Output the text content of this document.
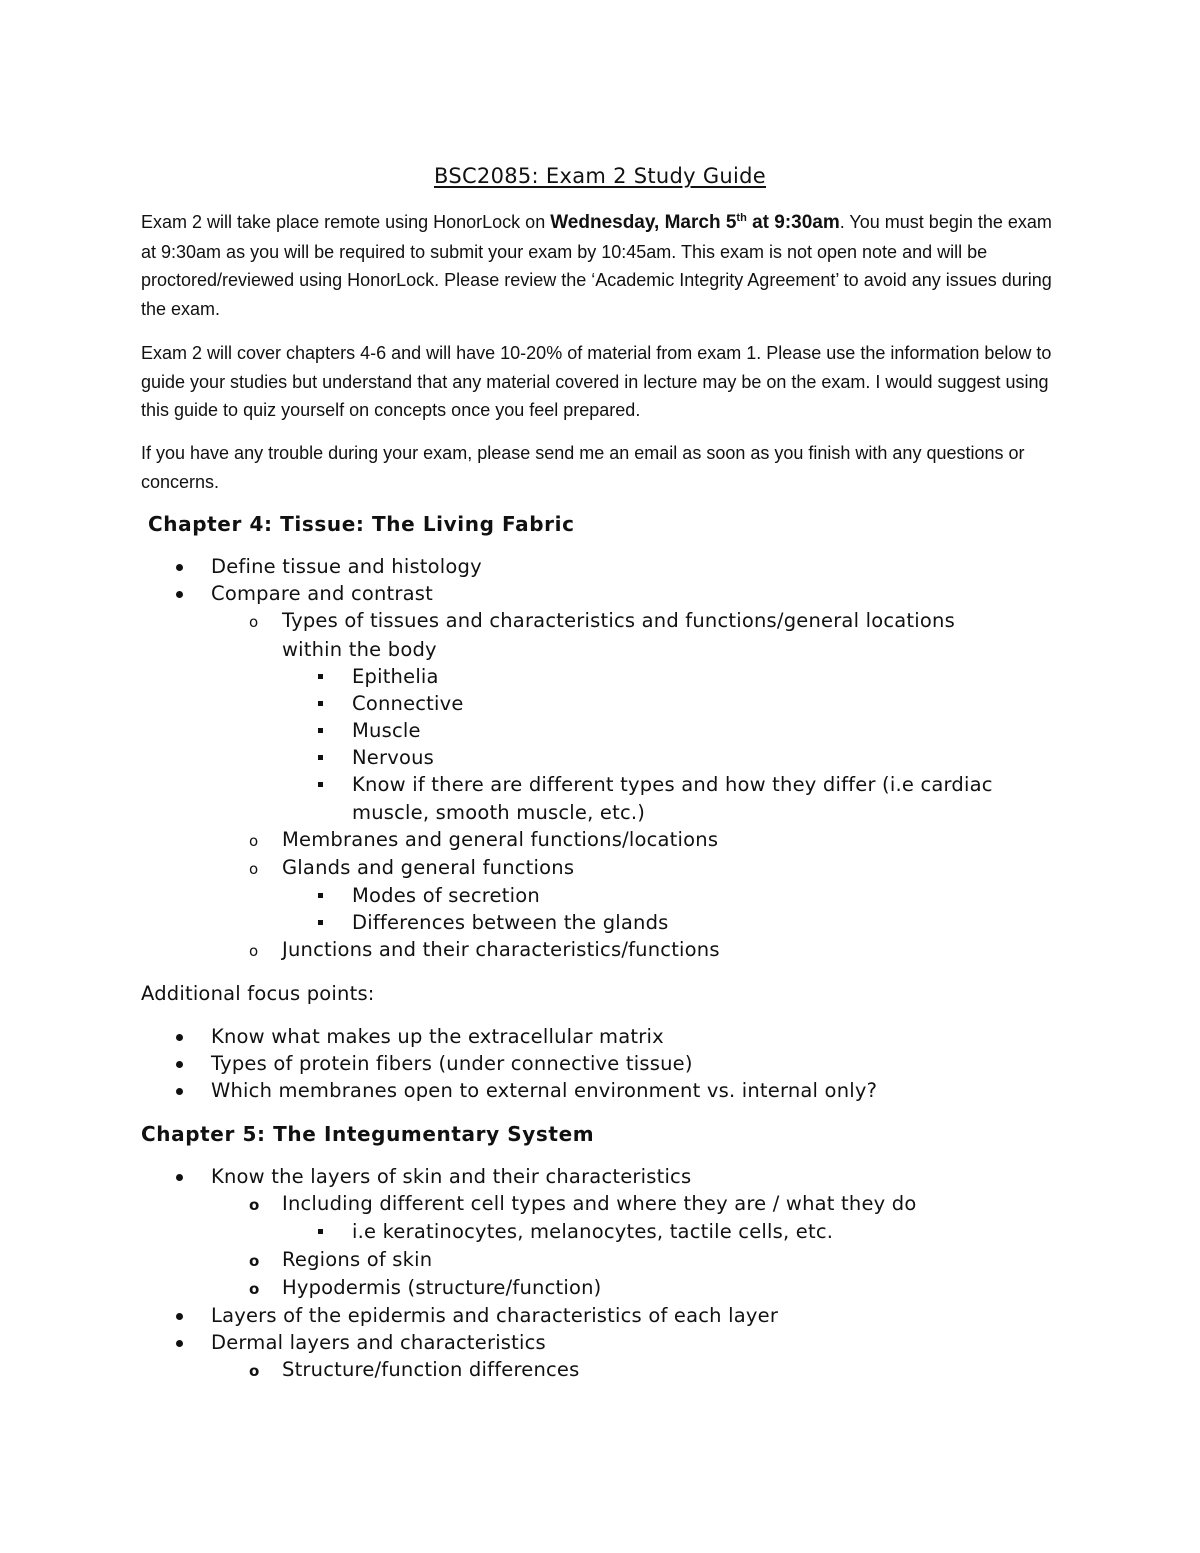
BSC2085: Exam 2 Study Guide
Exam 2 will take place remote using HonorLock on Wednesday, March 5th at 9:30am. You must begin the exam at 9:30am as you will be required to submit your exam by 10:45am. This exam is not open note and will be proctored/reviewed using HonorLock. Please review the ‘Academic Integrity Agreement’ to avoid any issues during the exam.
Exam 2 will cover chapters 4-6 and will have 10-20% of material from exam 1. Please use the information below to guide your studies but understand that any material covered in lecture may be on the exam. I would suggest using this guide to quiz yourself on concepts once you feel prepared.
If you have any trouble during your exam, please send me an email as soon as you finish with any questions or concerns.
Chapter 4: Tissue: The Living Fabric
Define tissue and histology
Compare and contrast
o Types of tissues and characteristics and functions/general locations
within the body
Epithelia
Connective
Muscle
Nervous
Know if there are different types and how they differ (i.e cardiac
muscle, smooth muscle, etc.)
o Membranes and general functions/locations
o Glands and general functions
Modes of secretion
Differences between the glands
o Junctions and their characteristics/functions
Additional focus points:
Know what makes up the extracellular matrix
Types of protein fibers (under connective tissue)
Which membranes open to external environment vs. internal only?
Chapter 5: The Integumentary System
Know the layers of skin and their characteristics
o Including different cell types and where they are / what they do
i.e keratinocytes, melanocytes, tactile cells, etc.
o Regions of skin
o Hypodermis (structure/function)
Layers of the epidermis and characteristics of each layer
Dermal layers and characteristics
o Structure/function differences
